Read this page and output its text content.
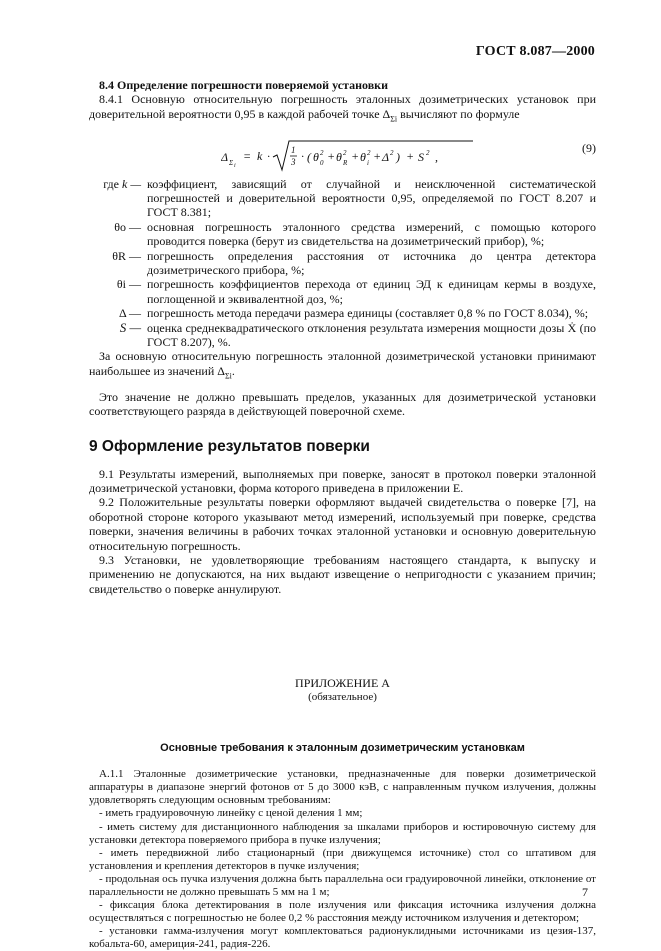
ГОСТ 8.087—2000

8.4 Определение погрешности поверяемой установки

8.4.1 Основную относительную погрешность эталонных дозиметрических установок при доверительной вероятности 0,95 в каждой рабочей точке $\Delta_{\Sigma i}$ вычисляют по формуле

Δ Σ i
= k · 1
3 · ( θ 2
0 + θ 2
R + θ 2
i + Δ 2 ) + S 2 ,
(9)
где k — коэффициент, зависящий от случайной и неисключенной систематической погрешностей и доверительной вероятности 0,95, определяемой по ГОСТ 8.207 и ГОСТ 8.381;
θo — основная погрешность эталонного средства измерений, с помощью которого проводится поверка (берут из свидетельства на дозиметрический прибор), %;
θR — погрешность определения расстояния от источника до центра детектора дозиметрического прибора, %;
θi — погрешность коэффициентов перехода от единиц ЭД к единицам кермы в воздухе, поглощенной и эквивалентной доз, %;
Δ — погрешность метода передачи размера единицы (составляет 0,8 % по ГОСТ 8.034), %;
S — оценка среднеквадратического отклонения результата измерения мощности дозы Ẋ (по ГОСТ 8.207), %.

За основную относительную погрешность эталонной дозиметрической установки принимают наибольшее из значений $\Delta_{\Sigma i}$.

Это значение не должно превышать пределов, указанных для дозиметрической установки соответствующего разряда в действующей поверочной схеме.

9 Оформление результатов поверки

9.1 Результаты измерений, выполняемых при поверке, заносят в протокол поверки эталонной дозиметрической установки, форма которого приведена в приложении Е.

9.2 Положительные результаты поверки оформляют выдачей свидетельства о поверке [7], на оборотной стороне которого указывают метод измерений, используемый при поверке, средства поверки, значения величины в рабочих точках эталонной установки и основную доверительную относительную погрешность.

9.3 Установки, не удовлетворяющие требованиям настоящего стандарта, к выпуску и применению не допускаются, на них выдают извещение о непригодности с указанием причин; свидетельство о поверке аннулируют.

ПРИЛОЖЕНИЕ А
(обязательное)
Основные требования к эталонным дозиметрическим установкам

А.1.1 Эталонные дозиметрические установки, предназначенные для поверки дозиметрической аппаратуры в диапазоне энергий фотонов от 5 до 3000 кэВ, с направленным пучком излучения, должны удовлетворять следующим основным требованиям:

- иметь градуировочную линейку с ценой деления 1 мм;

- иметь систему для дистанционного наблюдения за шкалами приборов и юстировочную систему для установки детектора поверяемого прибора в пучке излучения;

- иметь передвижной либо стационарный (при движущемся источнике) стол со штативом для установления и крепления детекторов в пучке излучения;

- продольная ось пучка излучения должна быть параллельна оси градуировочной линейки, отклонение от параллельности не должно превышать 5 мм на 1 м;

- фиксация блока детектирования в поле излучения или фиксация источника излучения должна осуществляться с погрешностью не более 0,2 % расстояния между источником излучения и детектором;

- установки гамма-излучения могут комплектоваться радионуклидными источниками из цезия-137, кобальта-60, америция-241, радия-226.

7
